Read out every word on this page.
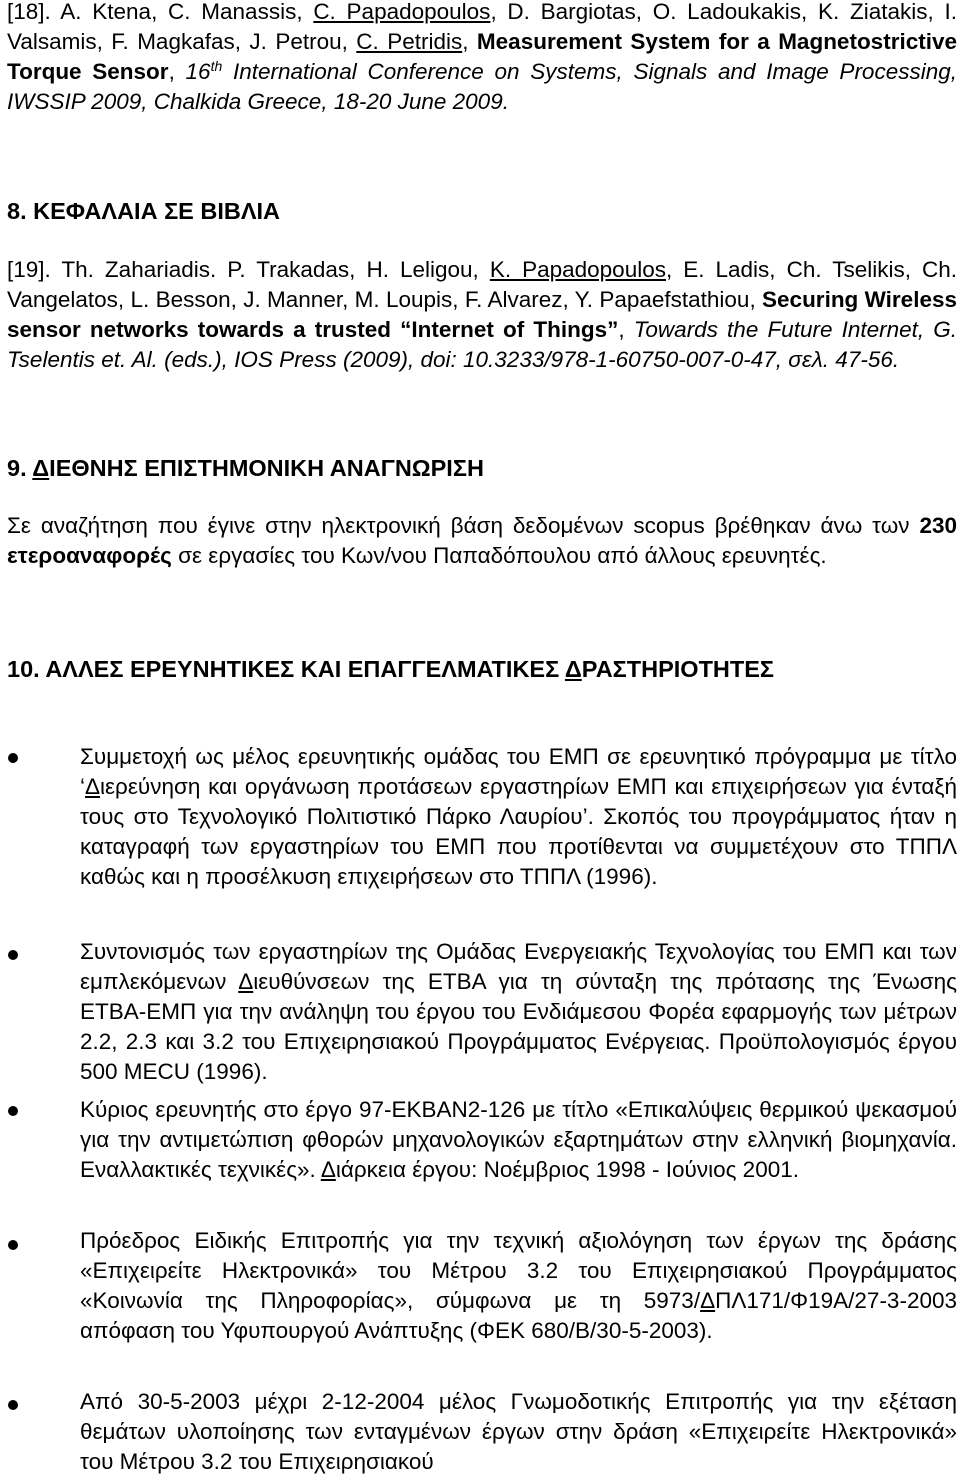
[18]. A. Ktena, C. Manassis, C. Papadopoulos, D. Bargiotas, O. Ladoukakis, K. Ziatakis, I. Valsamis, F. Magkafas, J. Petrou, C. Petridis, Measurement System for a Magnetostrictive Torque Sensor, 16th International Conference on Systems, Signals and Image Processing, IWSSIP 2009, Chalkida Greece, 18-20 June 2009.
8. ΚΕΦΑΛΑΙΑ ΣΕ ΒΙΒΛΙΑ
[19]. Th. Zahariadis. P. Trakadas, H. Leligou, K. Papadopoulos, E. Ladis, Ch. Tselikis, Ch. Vangelatos, L. Besson, J. Manner, M. Loupis, F. Alvarez, Y. Papaefstathiou, Securing Wireless sensor networks towards a trusted “Internet of Things”, Towards the Future Internet, G. Tselentis et. Al. (eds.), IOS Press (2009), doi: 10.3233/978-1-60750-007-0-47, σελ. 47-56.
9. ΔΙΕΘΝΗΣ ΕΠΙΣΤΗΜΟΝΙΚΗ ΑΝΑΓΝΩΡΙΣΗ
Σε αναζήτηση που έγινε στην ηλεκτρονική βάση δεδομένων scopus βρέθηκαν άνω των 230 ετεροαναφορές σε εργασίες του Κων/νου Παπαδόπουλου από άλλους ερευνητές.
10. ΑΛΛΕΣ ΕΡΕΥΝΗΤΙΚΕΣ ΚΑΙ ΕΠΑΓΓΕΛΜΑΤΙΚΕΣ ΔΡΑΣΤΗΡΙΟΤΗΤΕΣ
Συμμετοχή ως μέλος ερευνητικής ομάδας του ΕΜΠ σε ερευνητικό πρόγραμμα με τίτλο ‘Διερεύνηση και οργάνωση προτάσεων εργαστηρίων ΕΜΠ και επιχειρήσεων για ένταξή τους στο Τεχνολογικό Πολιτιστικό Πάρκο Λαυρίου’. Σκοπός του προγράμματος ήταν η καταγραφή των εργαστηρίων του ΕΜΠ που προτίθενται να συμμετέχουν στο ΤΠΠΛ καθώς και η προσέλκυση επιχειρήσεων στο ΤΠΠΛ (1996).
Συντονισμός των εργαστηρίων της Ομάδας Ενεργειακής Τεχνολογίας του ΕΜΠ και των εμπλεκόμενων Διευθύνσεων της ΕΤΒΑ για τη σύνταξη της πρότασης της Ένωσης ΕΤΒΑ-ΕΜΠ για την ανάληψη του έργου του Ενδιάμεσου Φορέα εφαρμογής των μέτρων 2.2, 2.3 και 3.2 του Επιχειρησιακού Προγράμματος Ενέργειας. Προϋπολογισμός έργου 500 MECU (1996).
Κύριος ερευνητής στο έργο 97-ΕΚΒΑΝ2-126 με τίτλο «Επικαλύψεις θερμικού ψεκασμού για την αντιμετώπιση φθορών μηχανολογικών εξαρτημάτων στην ελληνική βιομηχανία. Εναλλακτικές τεχνικές». Διάρκεια έργου: Νοέμβριος 1998 - Ιούνιος 2001.
Πρόεδρος Ειδικής Επιτροπής για την τεχνική αξιολόγηση των έργων της δράσης «Επιχειρείτε Ηλεκτρονικά» του Μέτρου 3.2 του Επιχειρησιακού Προγράμματος «Κοινωνία της Πληροφορίας», σύμφωνα με τη 5973/ΔΠΛ171/Φ19Α/27-3-2003 απόφαση του Υφυπουργού Ανάπτυξης (ΦΕΚ 680/Β/30-5-2003).
Από 30-5-2003 μέχρι 2-12-2004 μέλος Γνωμοδοτικής Επιτροπής για την εξέταση θεμάτων υλοποίησης των ενταγμένων έργων στην δράση «Επιχειρείτε Ηλεκτρονικά» του Μέτρου 3.2 του Επιχειρησιακού
